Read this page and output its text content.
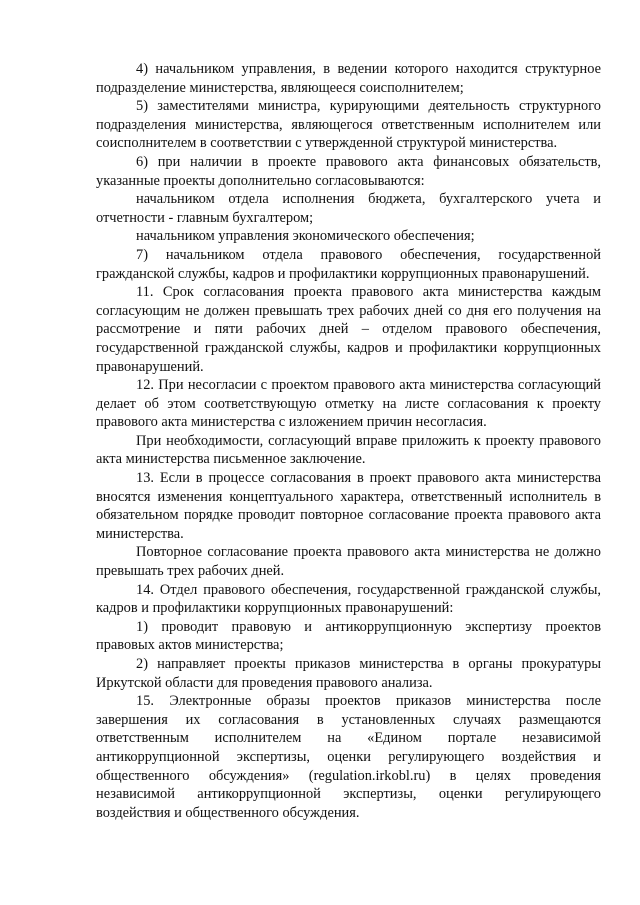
4) начальником управления, в ведении которого находится структурное подразделение министерства, являющееся соисполнителем;

5) заместителями министра, курирующими деятельность структурного подразделения министерства, являющегося ответственным исполнителем или соисполнителем в соответствии с утвержденной структурой министерства.

6) при наличии в проекте правового акта финансовых обязательств, указанные проекты дополнительно согласовываются:

начальником отдела исполнения бюджета, бухгалтерского учета и отчетности - главным бухгалтером;

начальником управления экономического обеспечения;

7) начальником отдела правового обеспечения, государственной гражданской службы, кадров и профилактики коррупционных правонарушений.

11. Срок согласования проекта правового акта министерства каждым согласующим не должен превышать трех рабочих дней со дня его получения на рассмотрение и пяти рабочих дней – отделом правового обеспечения, государственной гражданской службы, кадров и профилактики коррупционных правонарушений.

12. При несогласии с проектом правового акта министерства согласующий делает об этом соответствующую отметку на листе согласования к проекту правового акта министерства с изложением причин несогласия.

При необходимости, согласующий вправе приложить к проекту правового акта министерства письменное заключение.

13. Если в процессе согласования в проект правового акта министерства вносятся изменения концептуального характера, ответственный исполнитель в обязательном порядке проводит повторное согласование проекта правового акта министерства.

Повторное согласование проекта правового акта министерства не должно превышать трех рабочих дней.

14. Отдел правового обеспечения, государственной гражданской службы, кадров и профилактики коррупционных правонарушений:

1) проводит правовую и антикоррупционную экспертизу проектов правовых актов министерства;

2) направляет проекты приказов министерства в органы прокуратуры Иркутской области для проведения правового анализа.

15. Электронные образы проектов приказов министерства после завершения их согласования в установленных случаях размещаются ответственным исполнителем на «Едином портале независимой антикоррупционной экспертизы, оценки регулирующего воздействия и общественного обсуждения» (regulation.irkobl.ru) в целях проведения независимой антикоррупционной экспертизы, оценки регулирующего воздействия и общественного обсуждения.
